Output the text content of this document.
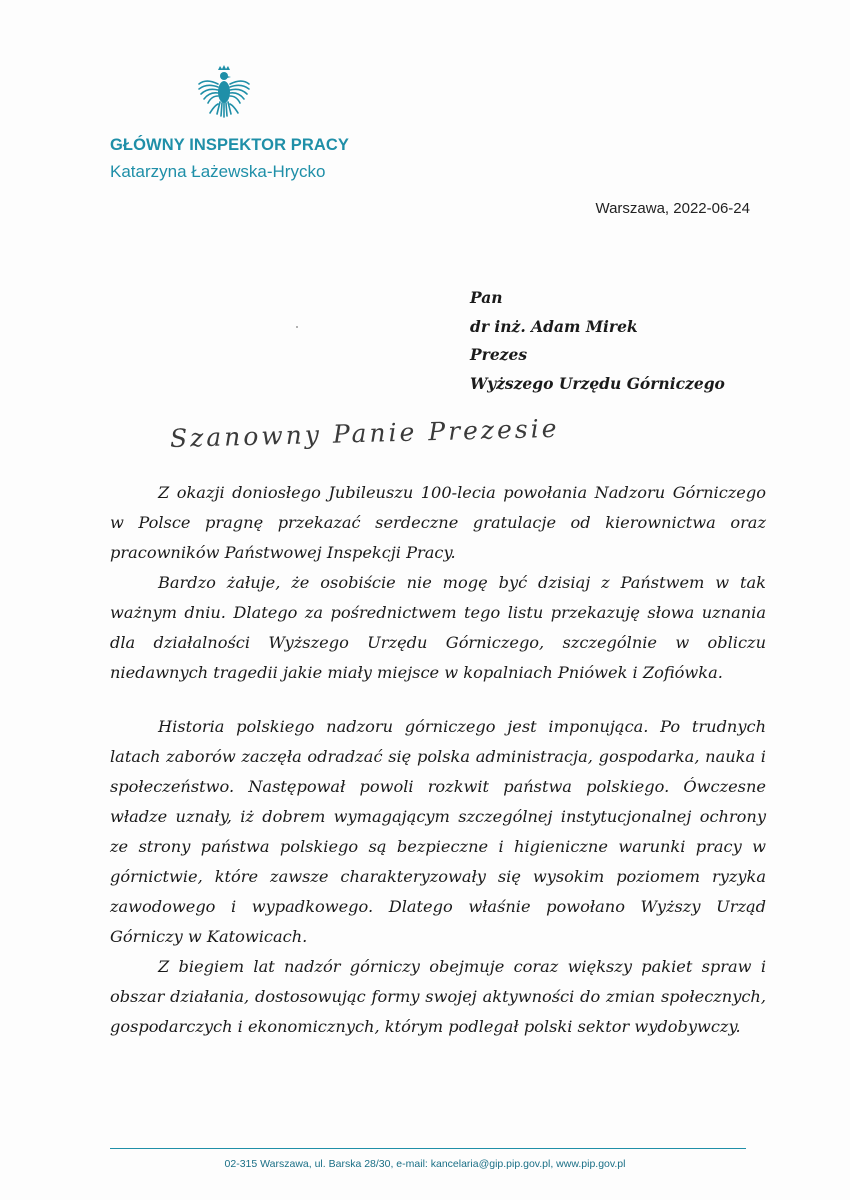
GŁÓWNY INSPEKTOR PRACY
Katarzyna Łażewska-Hrycko
Warszawa, 2022-06-24
Pan
dr inż. Adam Mirek
Prezes
Wyższego Urzędu Górniczego
Szanowny Panie Prezesie

Z okazji doniosłego Jubileuszu 100-lecia powołania Nadzoru Górniczego w Polsce pragnę przekazać serdeczne gratulacje od kierownictwa oraz pracowników Państwowej Inspekcji Pracy.

Bardzo żałuje, że osobiście nie mogę być dzisiaj z Państwem w tak ważnym dniu. Dlatego za pośrednictwem tego listu przekazuję słowa uznania dla działalności Wyższego Urzędu Górniczego, szczególnie w obliczu niedawnych tragedii jakie miały miejsce w kopalniach Pniówek i Zofiówka.

Historia polskiego nadzoru górniczego jest imponująca. Po trudnych latach zaborów zaczęła odradzać się polska administracja, gospodarka, nauka i społeczeństwo. Następował powoli rozkwit państwa polskiego. Ówczesne władze uznały, iż dobrem wymagającym szczególnej instytucjonalnej ochrony ze strony państwa polskiego są bezpieczne i higieniczne warunki pracy w górnictwie, które zawsze charakteryzowały się wysokim poziomem ryzyka zawodowego i wypadkowego. Dlatego właśnie powołano Wyższy Urząd Górniczy w Katowicach.

Z biegiem lat nadzór górniczy obejmuje coraz większy pakiet spraw i obszar działania, dostosowując formy swojej aktywności do zmian społecznych, gospodarczych i ekonomicznych, którym podlegał polski sektor wydobywczy.

02-315 Warszawa, ul. Barska 28/30, e-mail: kancelaria@gip.pip.gov.pl, www.pip.gov.pl
